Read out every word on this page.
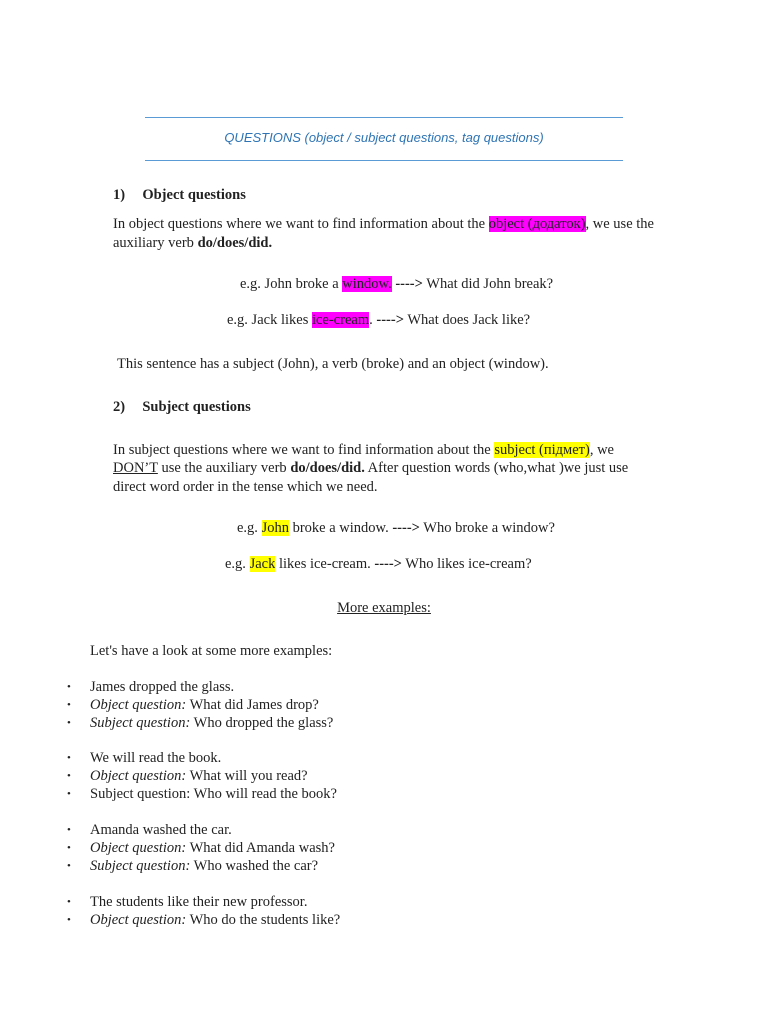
QUESTIONS (object / subject questions, tag questions)
1) Object questions
In object questions where we want to find information about the object (додаток), we use the
auxiliary verb do/does/did.
e.g. John broke a window. ----> What did John break?
e.g. Jack likes ice-cream. ----> What does Jack like?
This sentence has a subject (John), a verb (broke) and an object (window).
2) Subject questions
In subject questions where we want to find information about the subject (підмет), we
DON’T use the auxiliary verb do/does/did. After question words (who,what )we just use
direct word order in the tense which we need.
e.g. John broke a window. ----> Who broke a window?
e.g. Jack likes ice-cream. ----> Who likes ice-cream?
More examples:
Let's have a look at some more examples:
• James dropped the glass.
• Object question: What did James drop?
• Subject question: Who dropped the glass?
• We will read the book.
• Object question: What will you read?
• Subject question: Who will read the book?
• Amanda washed the car.
• Object question: What did Amanda wash?
• Subject question: Who washed the car?
• The students like their new professor.
• Object question: Who do the students like?
